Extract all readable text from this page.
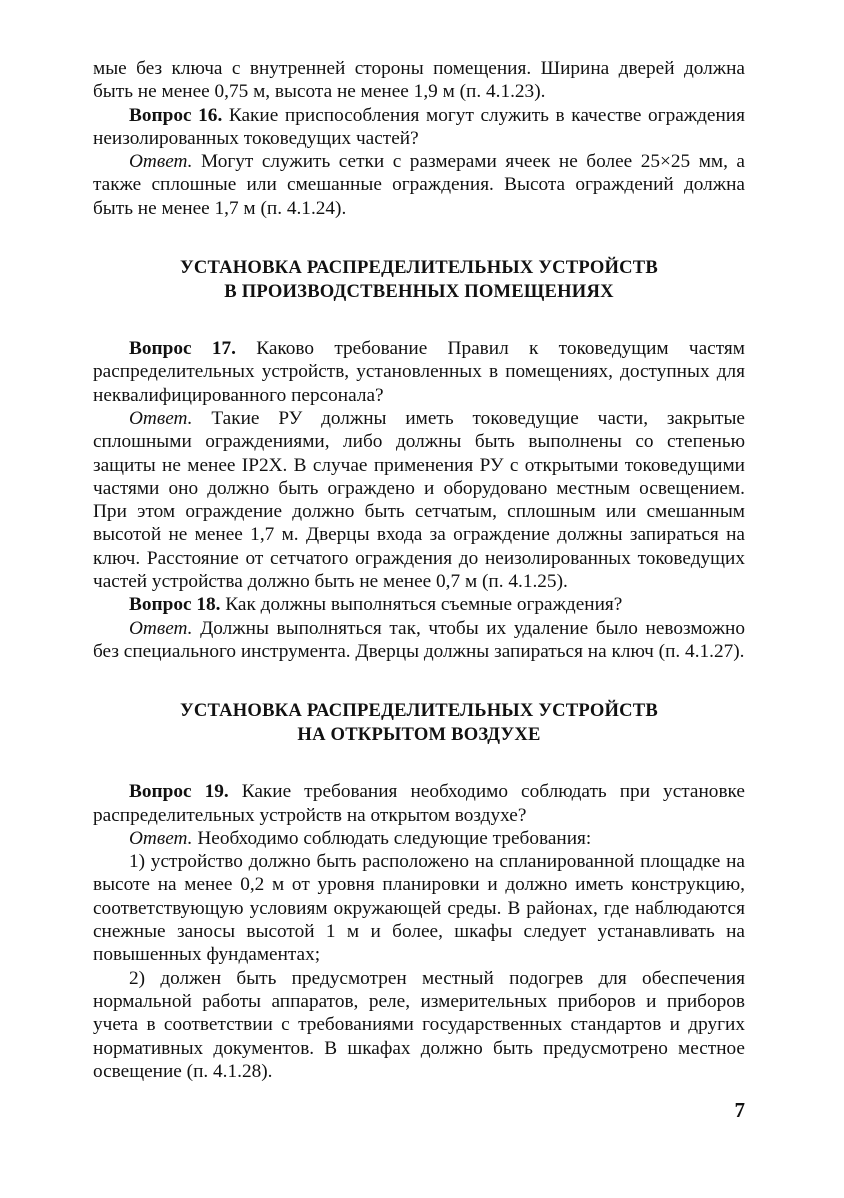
мые без ключа с внутренней стороны помещения. Ширина дверей должна быть не менее 0,75 м, высота не менее 1,9 м (п. 4.1.23).

Вопрос 16. Какие приспособления могут служить в качестве ограждения неизолированных токоведущих частей?

Ответ. Могут служить сетки с размерами ячеек не более 25×25 мм, а также сплошные или смешанные ограждения. Высота ограждений должна быть не менее 1,7 м (п. 4.1.24).

УСТАНОВКА РАСПРЕДЕЛИТЕЛЬНЫХ УСТРОЙСТВ
В ПРОИЗВОДСТВЕННЫХ ПОМЕЩЕНИЯХ

Вопрос 17. Каково требование Правил к токоведущим частям распределительных устройств, установленных в помещениях, доступных для неквалифицированного персонала?

Ответ. Такие РУ должны иметь токоведущие части, закрытые сплошными ограждениями, либо должны быть выполнены со степенью защиты не менее IP2X. В случае применения РУ с открытыми токоведущими частями оно должно быть ограждено и оборудовано местным освещением. При этом ограждение должно быть сетчатым, сплошным или смешанным высотой не менее 1,7 м. Дверцы входа за ограждение должны запираться на ключ. Расстояние от сетчатого ограждения до неизолированных токоведущих частей устройства должно быть не менее 0,7 м (п. 4.1.25).

Вопрос 18. Как должны выполняться съемные ограждения?

Ответ. Должны выполняться так, чтобы их удаление было невозможно без специального инструмента. Дверцы должны запираться на ключ (п. 4.1.27).

УСТАНОВКА РАСПРЕДЕЛИТЕЛЬНЫХ УСТРОЙСТВ
НА ОТКРЫТОМ ВОЗДУХЕ

Вопрос 19. Какие требования необходимо соблюдать при установке распределительных устройств на открытом воздухе?

Ответ. Необходимо соблюдать следующие требования:

1) устройство должно быть расположено на спланированной площадке на высоте на менее 0,2 м от уровня планировки и должно иметь конструкцию, соответствующую условиям окружающей среды. В районах, где наблюдаются снежные заносы высотой 1 м и более, шкафы следует устанавливать на повышенных фундаментах;

2) должен быть предусмотрен местный подогрев для обеспечения нормальной работы аппаратов, реле, измерительных приборов и приборов учета в соответствии с требованиями государственных стандартов и других нормативных документов. В шкафах должно быть предусмотрено местное освещение (п. 4.1.28).

7
